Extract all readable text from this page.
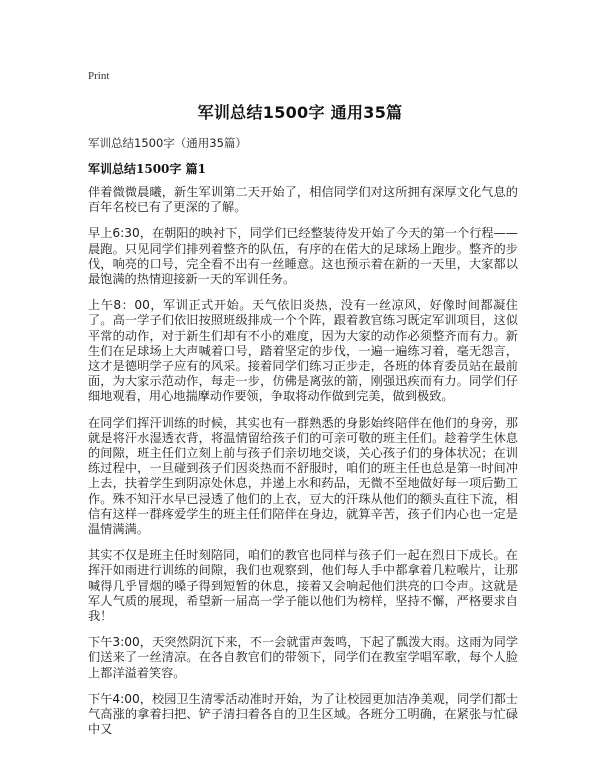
Print
军训总结1500字 通用35篇
军训总结1500字（通用35篇）
军训总结1500字 篇1

伴着微微晨曦，新生军训第二天开始了，相信同学们对这所拥有深厚文化气息的百年名校已有了更深的了解。

早上6:30，在朝阳的映衬下，同学们已经整装待发开始了今天的第一个行程——晨跑。只见同学们排列着整齐的队伍，有序的在偌大的足球场上跑步。整齐的步伐，响亮的口号，完全看不出有一丝睡意。这也预示着在新的一天里，大家都以最饱满的热情迎接新一天的军训任务。

上午8：00，军训正式开始。天气依旧炎热，没有一丝凉风，好像时间都凝住了。高一学子们依旧按照班级排成一个个阵，跟着教官练习既定军训项目，这似平常的动作，对于新生们却有不小的难度，因为大家的动作必须整齐而有力。新生们在足球场上大声喊着口号，踏着坚定的步伐，一遍一遍练习着，毫无怨言，这才是德明学子应有的风采。接着同学们练习正步走，各班的体育委员站在最前面，为大家示范动作，每走一步，仿佛是离弦的箭，刚强迅疾而有力。同学们仔细地观看，用心地揣摩动作要领，争取将动作做到完美，做到极致。

在同学们挥汗训练的时候，其实也有一群熟悉的身影始终陪伴在他们的身旁，那就是将汗水湿透衣背，将温情留给孩子们的可亲可敬的班主任们。趁着学生休息的间隙，班主任们立刻上前与孩子们亲切地交谈，关心孩子们的身体状况；在训练过程中，一旦碰到孩子们因炎热而不舒服时，咱们的班主任也总是第一时间冲上去，扶着学生到阴凉处休息，并递上水和药品，无微不至地做好每一项后勤工作。殊不知汗水早已浸透了他们的上衣，豆大的汗珠从他们的额头直往下流，相信有这样一群疼爱学生的班主任们陪伴在身边，就算辛苦，孩子们内心也一定是温情满满。

其实不仅是班主任时刻陪同，咱们的教官也同样与孩子们一起在烈日下成长。在挥汗如雨进行训练的间隙，我们也观察到，他们每人手中都拿着几粒喉片，让那喊得几乎冒烟的嗓子得到短暂的休息，接着又会响起他们洪亮的口令声。这就是军人气质的展现，希望新一届高一学子能以他们为榜样，坚持不懈，严格要求自我！

下午3:00，天突然阴沉下来，不一会就雷声轰鸣，下起了瓢泼大雨。这雨为同学们送来了一丝清凉。在各自教官们的带领下，同学们在教室学唱军歌，每个人脸上都洋溢着笑容。

下午4:00，校园卫生清零活动准时开始，为了让校园更加洁净美观，同学们都士气高涨的拿着扫把、铲子清扫着各自的卫生区域。各班分工明确，在紧张与忙碌中又
